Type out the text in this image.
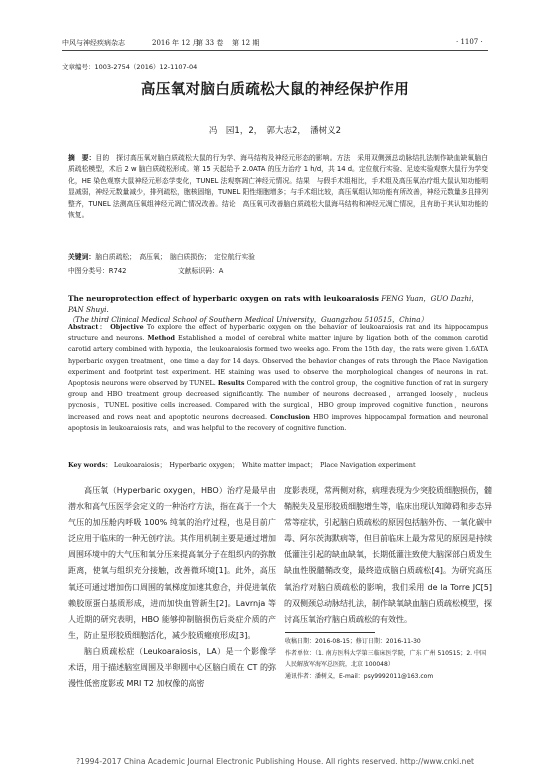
中风与神经疾病杂志	2016 年 12 月
第 33 卷 第 12 期	· 1107 ·
文章编号：1003-2754（2016）12-1107-04
高压氧对脑白质疏松大鼠的神经保护作用
冯　园1，2，　郭大志2，　潘树义2
摘　要：目的　探讨高压氧对脑白质疏松大鼠的行为学、海马结构及神经元形态的影响。方法　采用双侧颈总动脉结扎法制作缺血缺氧脑白质疏松模型，术后 2 w 脑白质疏松形成。第 15 天起给予 2.0ATA 的压力治疗 1 h/d，共 14 d。定位航行实验、足迹实验观察大鼠行为学变化，HE 染色观察大鼠神经元形态学变化，TUNEL 法观察凋亡神经元情况。结果　与假手术组相比，手术组及高压氧治疗组大鼠认知功能明显减弱，神经元数量减少，排列疏松，胞核固缩，TUNEL 阳性细胞增多；与手术组比较，高压氧组认知功能有所改善，神经元数量多且排列整齐，TUNEL 法测高压氧组神经元凋亡情况改善。结论　高压氧可改善脑白质疏松大鼠海马结构和神经元凋亡情况，且有助于其认知功能的恢复。
关键词：脑白质疏松；　高压氧；　脑白质损伤；　定位航行实验
中图分类号：R742	文献标识码：A
The neuroprotection effect of hyperbaric oxygen on rats with leukoaraiosis FENG Yuan，GUO Dazhi，PAN Shuyi.
（The third Clinical Medical School of Southern Medical University，Guangzhou 510515，China）
Abstract： Objective To explore the effect of hyperbaric oxygen on the behavior of leukoaraiosis rat and its hippocampus structure and neurons. Method Established a model of cerebral white matter injure by ligation both of the common carotid carotid artery combined with hypoxia，the leukoaraiosis formed two weeks ago. From the 15th day，the rats were given 1.6ATA hyperbaric oxygen treatment，one time a day for 14 days. Observed the behavior changes of rats through the Place Navigation experiment and footprint test experiment. HE staining was used to observe the morphological changes of neurons in rat. Apoptosis neurons were observed by TUNEL. Results Compared with the control group，the cognitive function of rat in surgery group and HBO treatment group decreased significantly. The number of neurons decreased，arranged loosely，nucleus pycnosis，TUNEL positive cells increased. Compared with the surgical，HBO group improved cognitive function，neurons increased and rows neat and apoptotic neurons decreased. Conclusion HBO improves hippocampal formation and neuronal apoptosis in leukoaraiosis rats，and was helpful to the recovery of cognitive function.
Key words： Leukoaraiosis；　Hyperbaric oxygen；　White matter impact；　Place Navigation experiment

高压氧（Hyperbaric oxygen，HBO）治疗是最早由潜水和高气压医学会定义的一种治疗方法，指在高于一个大气压的加压舱内呼吸 100% 纯氧的治疗过程，也是目前广泛应用于临床的一种无创疗法。其作用机制主要是通过增加周围环境中的大气压和氧分压来提高氧分子在组织内的弥散距离，使氧与组织充分接触，改善微环境[1]。此外，高压氧还可通过增加伤口周围的氧梯度加速其愈合，并促进氧依赖胶原蛋白基质形成，进而加快血管新生[2]。Lavrnja 等人近期的研究表明，HBO 能够抑制脑损伤后炎症介质的产生，防止星形胶质细胞活化，减少胶质瘢痕形成[3]。

脑白质疏松症（Leukoaraiosis，LA）是一个影像学术语，用于描述脑室周围及半卵圆中心区脑白质在 CT 的弥漫性低密度影或 MRI T2 加权像的高密

度影表现，常两侧对称，病理表现为少突胶质细胞损伤，髓鞘脱失及星形胶质细胞增生等，临床出现认知障碍和步态异常等症状，引起脑白质疏松的原因包括脑外伤、一氧化碳中毒、阿尔茨海默病等，但目前临床上最为常见的原因是持续低灌注引起的缺血缺氧，长期低灌注致使大脑深部白质发生缺血性脱髓鞘改变，最终造成脑白质疏松[4]。为研究高压氧治疗对脑白质疏松的影响，我们采用 de la Torre JC[5] 的双侧颈总动脉结扎法，制作缺氧缺血脑白质疏松模型，探讨高压氧治疗脑白质疏松的有效性。

收稿日期：2016-08-15；修订日期：2016-11-30
作者单位：（1. 南方医科大学第三临床医学院，广东 广州 510515；2. 中国人民解放军海军总医院，北京 100048）
通讯作者：潘树义，E-mail：psy9992011@163.com
?1994-2017 China Academic Journal Electronic Publishing House. All rights reserved. http://www.cnki.net
